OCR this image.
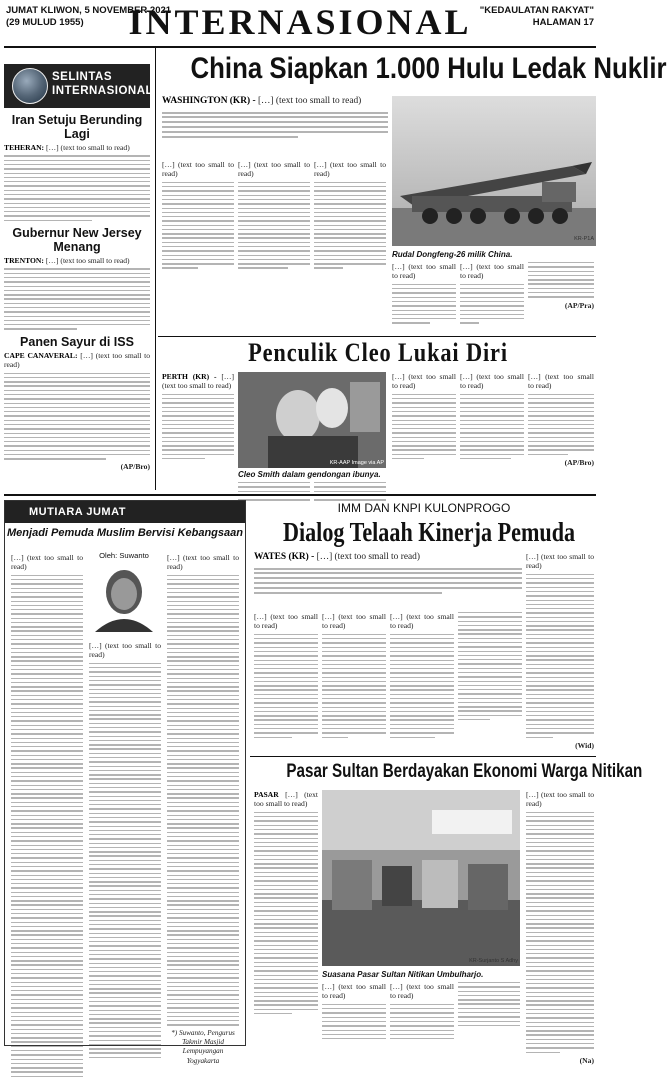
JUMAT KLIWON, 5 NOVEMBER 2021
(29 MULUD 1955)	INTERNASIONAL "KEDAULATAN RAKYAT"
HALAMAN 17
SELINTAS
INTERNASIONAL
Iran Setuju Berunding Lagi
TEHERAN: […] (text too small to read)
Gubernur New Jersey Menang
TRENTON: […] (text too small to read)
Panen Sayur di ISS
CAPE CANAVERAL: […] (text too small to read)
(AP/Bro)
China Siapkan 1.000 Hulu Ledak Nuklir
WASHINGTON (KR) - […] (text too small to read)
[…] (text too small to read)
[…] (text too small to read)
[…] (text too small to read)
KR-P1A
Rudal Dongfeng-26 milik China.
[…] (text too small to read)
[…] (text too small to read)
(AP/Pra)
Penculik Cleo Lukai Diri
PERTH (KR) - […] (text too small to read)
KR-AAP Image via AP
Cleo Smith dalam gendongan ibunya.
[…] (text too small to read)
[…] (text too small to read)
[…] (text too small to read)
(AP/Bro)
MUTIARA JUMAT
Menjadi Pemuda Muslim Bervisi Kebangsaan
Oleh: Suwanto
[…] (text too small to read)
[…] (text too small to read)
[…] (text too small to read)
*) Suwanto, Pengurus Takmir Masjid Lempuyangan Yogyakarta
IMM DAN KNPI KULONPROGO
Dialog Telaah Kinerja Pemuda
WATES (KR) - […] (text too small to read)
[…] (text too small to read)
[…] (text too small to read)
[…] (text too small to read)
[…] (text too small to read)
(Wid)
Pasar Sultan Berdayakan Ekonomi Warga Nitikan
PASAR […] (text too small to read)
KR-Surjanto S Adhy
Suasana Pasar Sultan Nitikan Umbulharjo.
[…] (text too small to read)
[…] (text too small to read)
[…] (text too small to read)
(Na)
